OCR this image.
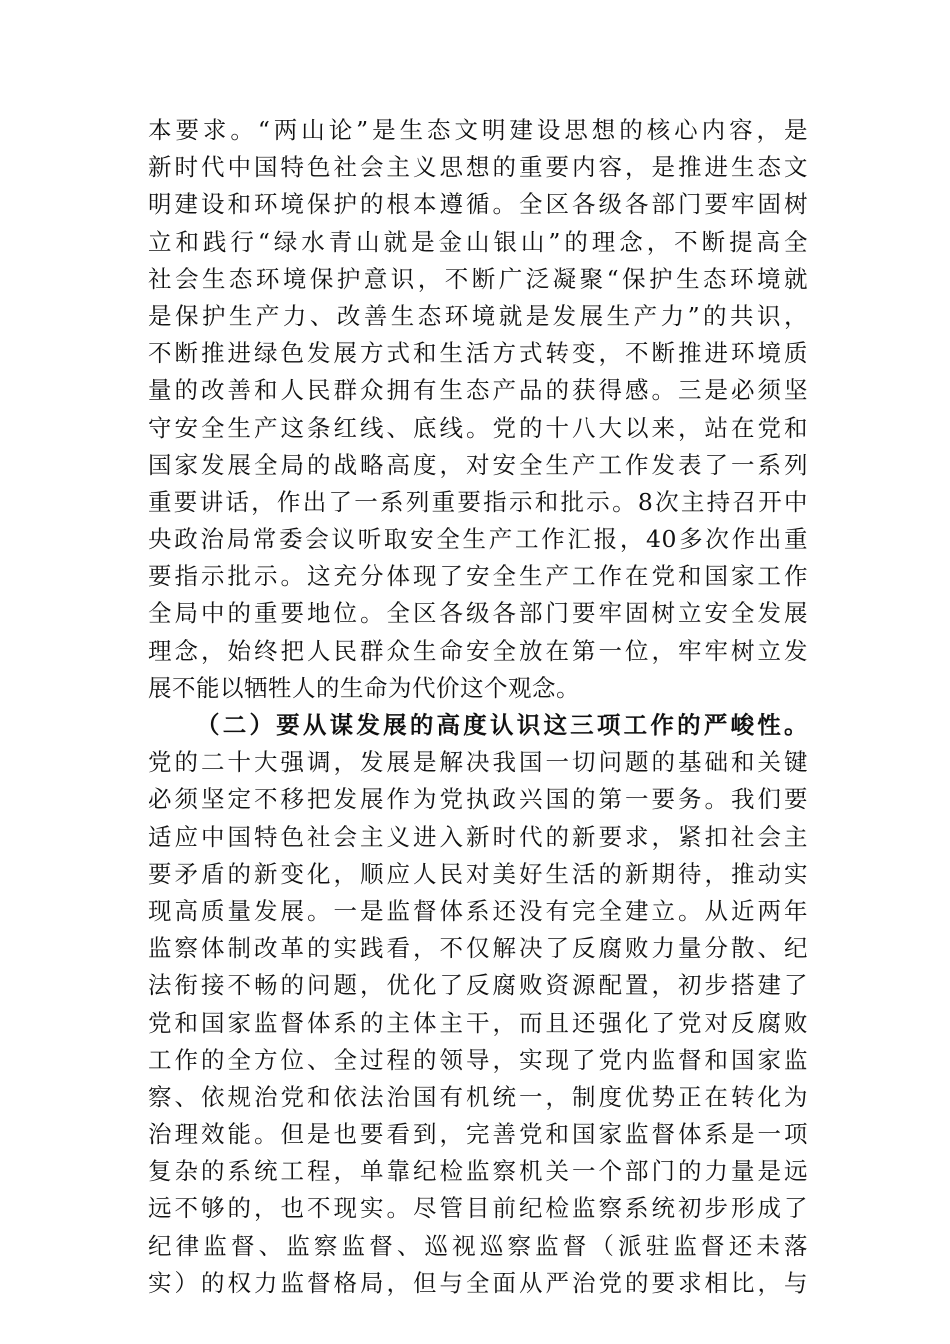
本要求。“两山论”是生态文明建设思想的核心内容，是
新时代中国特色社会主义思想的重要内容，是推进生态文
明建设和环境保护的根本遵循。全区各级各部门要牢固树
立和践行“绿水青山就是金山银山”的理念，不断提高全
社会生态环境保护意识，不断广泛凝聚“保护生态环境就
是保护生产力、改善生态环境就是发展生产力”的共识，
不断推进绿色发展方式和生活方式转变，不断推进环境质
量的改善和人民群众拥有生态产品的获得感。三是必须坚
守安全生产这条红线、底线。党的十八大以来，站在党和
国家发展全局的战略高度，对安全生产工作发表了一系列
重要讲话，作出了一系列重要指示和批示。8次主持召开中
央政治局常委会议听取安全生产工作汇报，40多次作出重
要指示批示。这充分体现了安全生产工作在党和国家工作
全局中的重要地位。全区各级各部门要牢固树立安全发展
理念，始终把人民群众生命安全放在第一位，牢牢树立发
展不能以牺牲人的生命为代价这个观念。
（二）要从谋发展的高度认识这三项工作的严峻性。
党的二十大强调，发展是解决我国一切问题的基础和关键
必须坚定不移把发展作为党执政兴国的第一要务。我们要
适应中国特色社会主义进入新时代的新要求，紧扣社会主
要矛盾的新变化，顺应人民对美好生活的新期待，推动实
现高质量发展。一是监督体系还没有完全建立。从近两年
监察体制改革的实践看，不仅解决了反腐败力量分散、纪
法衔接不畅的问题，优化了反腐败资源配置，初步搭建了
党和国家监督体系的主体主干，而且还强化了党对反腐败
工作的全方位、全过程的领导，实现了党内监督和国家监
察、依规治党和依法治国有机统一，制度优势正在转化为
治理效能。但是也要看到，完善党和国家监督体系是一项
复杂的系统工程，单靠纪检监察机关一个部门的力量是远
远不够的，也不现实。尽管目前纪检监察系统初步形成了
纪律监督、监察监督、巡视巡察监督（派驻监督还未落
实）的权力监督格局，但与全面从严治党的要求相比，与
